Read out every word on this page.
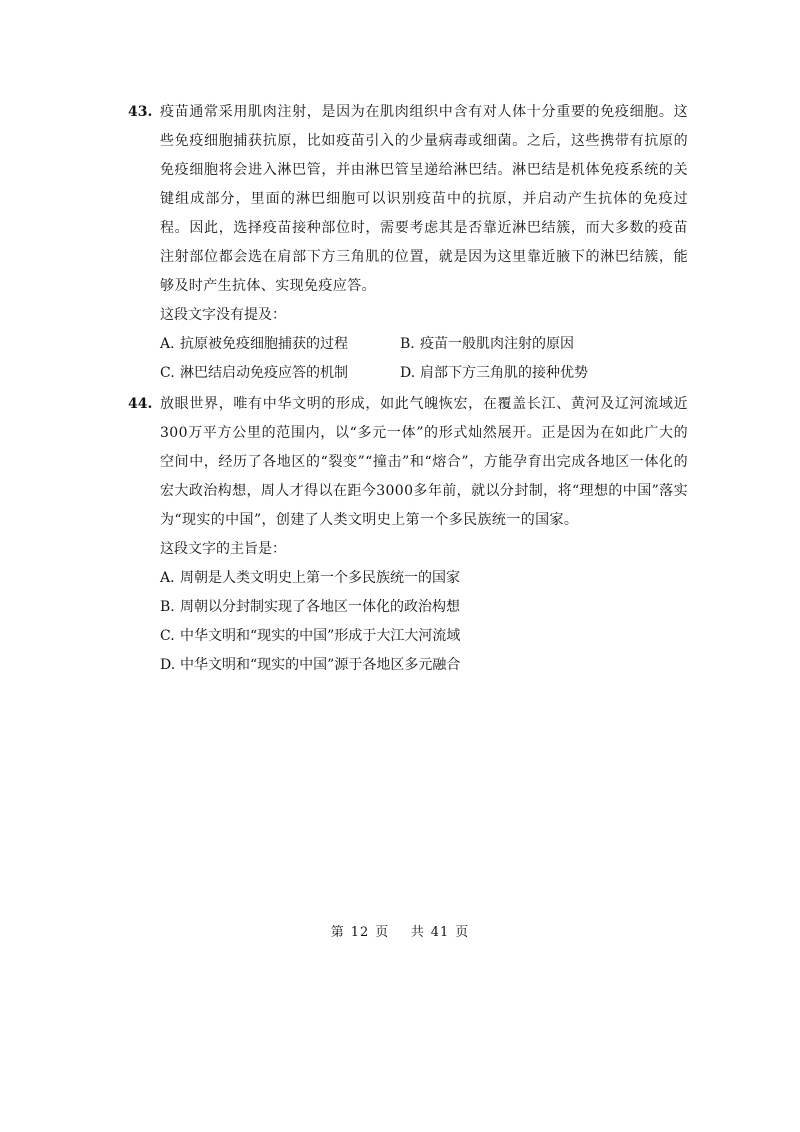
43. 疫苗通常采用肌肉注射，是因为在肌肉组织中含有对人体十分重要的免疫细胞。这些免疫细胞捕获抗原，比如疫苗引入的少量病毒或细菌。之后，这些携带有抗原的免疫细胞将会进入淋巴管，并由淋巴管呈递给淋巴结。淋巴结是机体免疫系统的关键组成部分，里面的淋巴细胞可以识别疫苗中的抗原，并启动产生抗体的免疫过程。因此，选择疫苗接种部位时，需要考虑其是否靠近淋巴结簇，而大多数的疫苗注射部位都会选在肩部下方三角肌的位置，就是因为这里靠近腋下的淋巴结簇，能够及时产生抗体、实现免疫应答。
这段文字没有提及：
A. 抗原被免疫细胞捕获的过程	B. 疫苗一般肌肉注射的原因
C. 淋巴结启动免疫应答的机制	D. 肩部下方三角肌的接种优势
44. 放眼世界，唯有中华文明的形成，如此气魄恢宏，在覆盖长江、黄河及辽河流域近300万平方公里的范围内，以“多元一体”的形式灿然展开。正是因为在如此广大的空间中，经历了各地区的“裂变”“撞击”和“熔合”，方能孕育出完成各地区一体化的宏大政治构想，周人才得以在距今3000多年前，就以分封制，将“理想的中国”落实为“现实的中国”，创建了人类文明史上第一个多民族统一的国家。
这段文字的主旨是：
A. 周朝是人类文明史上第一个多民族统一的国家
B. 周朝以分封制实现了各地区一体化的政治构想
C. 中华文明和“现实的中国”形成于大江大河流域
D. 中华文明和“现实的中国”源于各地区多元融合
第 12 页 共 41 页
